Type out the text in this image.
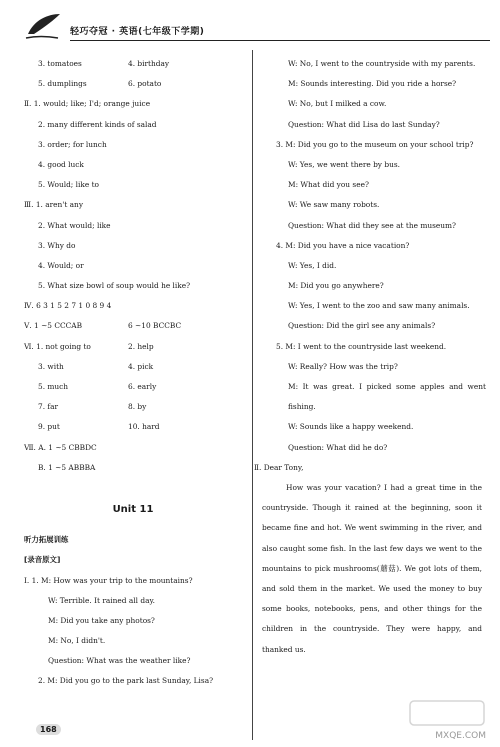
轻巧夺冠 · 英语(七年级下学期)
3. tomatoes	4. birthday
5. dumplings	6. potato
Ⅱ. 1. would; like; I'd; orange juice
2. many different kinds of salad
3. order; for lunch
4. good luck
5. Would; like to
Ⅲ. 1. aren't any
2. What would; like
3. Why do
4. Would; or
5. What size bowl of soup would he like?
Ⅳ. 6 3 1 5 2 7 1 0 8 9 4
Ⅴ. 1 ~5 CCCAB	6 ~10 BCCBC
Ⅵ. 1. not going to	2. help
3. with	4. pick
5. much	6. early
7. far	8. by
9. put	10. hard
Ⅶ. A. 1 ~5 CBBDC
B. 1 ~5 ABBBA
Unit 11
听力拓展训练
[录音原文]
Ⅰ. 1. M: How was your trip to the mountains?
W: Terrible. It rained all day.
M: Did you take any photos?
M: No, I didn't.
Question: What was the weather like?
2. M: Did you go to the park last Sunday, Lisa?
W: No, I went to the countryside with my parents.
M: Sounds interesting. Did you ride a horse?
W: No, but I milked a cow.
Question: What did Lisa do last Sunday?
3. M: Did you go to the museum on your school trip?
W: Yes, we went there by bus.
M: What did you see?
W: We saw many robots.
Question: What did they see at the museum?
4. M: Did you have a nice vacation?
W: Yes, I did.
M: Did you go anywhere?
W: Yes, I went to the zoo and saw many animals.
Question: Did the girl see any animals?
5. M: I went to the countryside last weekend.
W: Really? How was the trip?
M: It was great. I picked some apples and went fishing.
W: Sounds like a happy weekend.
Question: What did he do?
Ⅱ. Dear Tony,
How was your vacation? I had a great time in the countryside. Though it rained at the beginning, soon it became fine and hot. We went swimming in the river, and also caught some fish. In the last few days we went to the mountains to pick mushrooms(蘑菇). We got lots of them, and sold them in the market. We used the money to buy some books, notebooks, pens, and other things for the children in the countryside. They were happy, and thanked us.
168
MXQE.COM
